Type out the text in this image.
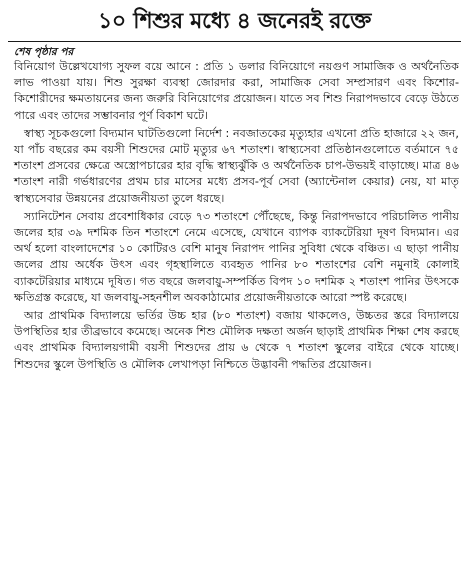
১০ শিশুর মধ্যে ৪ জনেরই রক্তে

শেষ পৃষ্ঠার পর

বিনিয়োগ উল্লেখযোগ্য সুফল বয়ে আনে : প্রতি ১ ডলার বিনিয়োগে নয়গুণ সামাজিক ও অর্থনৈতিক লাভ পাওয়া যায়। শিশু সুরক্ষা ব্যবস্থা জোরদার করা, সামাজিক সেবা সম্প্রসারণ এবং কিশোর-কিশোরীদের ক্ষমতায়নের জন্য জরুরি বিনিয়োগের প্রয়োজন। যাতে সব শিশু নিরাপদভাবে বেড়ে উঠতে পারে এবং তাদের সম্ভাবনার পূর্ণ বিকাশ ঘটে।

স্বাস্থ্য সূচকগুলো বিদ্যমান ঘাটতিগুলো নির্দেশ : নবজাতকের মৃত্যুহার এখনো প্রতি হাজারে ২২ জন, যা পাঁচ বছরের কম বয়সী শিশুদের মোট মৃত্যুর ৬৭ শতাংশ। স্বাস্থ্যসেবা প্রতিষ্ঠানগুলোতে বর্তমানে ৭৫ শতাংশ প্রসবের ক্ষেত্রে অস্ত্রোপচারের হার বৃদ্ধি স্বাস্থ্যঝুঁকি ও অর্থনৈতিক চাপ-উভয়ই বাড়াচ্ছে। মাত্র ৪৬ শতাংশ নারী গর্ভধারণের প্রথম চার মাসের মধ্যে প্রসব-পূর্ব সেবা (অ্যান্টেনাল কেয়ার) নেয়, যা মাতৃ স্বাস্থ্যসেবার উন্নয়নের প্রয়োজনীয়তা তুলে ধরছে।

স্যানিটেশন সেবায় প্রবেশাধিকার বেড়ে ৭৩ শতাংশে পৌঁছেছে, কিন্তু নিরাপদভাবে পরিচালিত পানীয় জলের হার ৩৯ দশমিক তিন শতাংশে নেমে এসেছে, যেখানে ব্যাপক ব্যাকটেরিয়া দূষণ বিদ্যমান। এর অর্থ হলো বাংলাদেশের ১০ কোটিরও বেশি মানুষ নিরাপদ পানির সুবিধা থেকে বঞ্চিত। এ ছাড়া পানীয় জলের প্রায় অর্ধেক উৎস এবং গৃহস্থালিতে ব্যবহৃত পানির ৮০ শতাংশের বেশি নমুনাই কোলাই ব্যাকটেরিয়ার মাধ্যমে দূষিত। গত বছরে জলবায়ু-সম্পর্কিত বিপদ ১০ দশমিক ২ শতাংশ পানির উৎসকে ক্ষতিগ্রস্ত করেছে, যা জলবায়ু-সহনশীল অবকাঠামোর প্রয়োজনীয়তাকে আরো স্পষ্ট করেছে।

আর প্রাথমিক বিদ্যালয়ে ভর্তির উচ্চ হার (৮০ শতাংশ) বজায় থাকলেও, উচ্চতর স্তরে বিদ্যালয়ে উপস্থিতির হার তীব্রভাবে কমেছে। অনেক শিশু মৌলিক দক্ষতা অর্জন ছাড়াই প্রাথমিক শিক্ষা শেষ করছে এবং প্রাথমিক বিদ্যালয়গামী বয়সী শিশুদের প্রায় ৬ থেকে ৭ শতাংশ স্কুলের বাইরে থেকে যাচ্ছে। শিশুদের স্কুলে উপস্থিতি ও মৌলিক লেখাপড়া নিশ্চিতে উদ্ভাবনী পদ্ধতির প্রয়োজন।
